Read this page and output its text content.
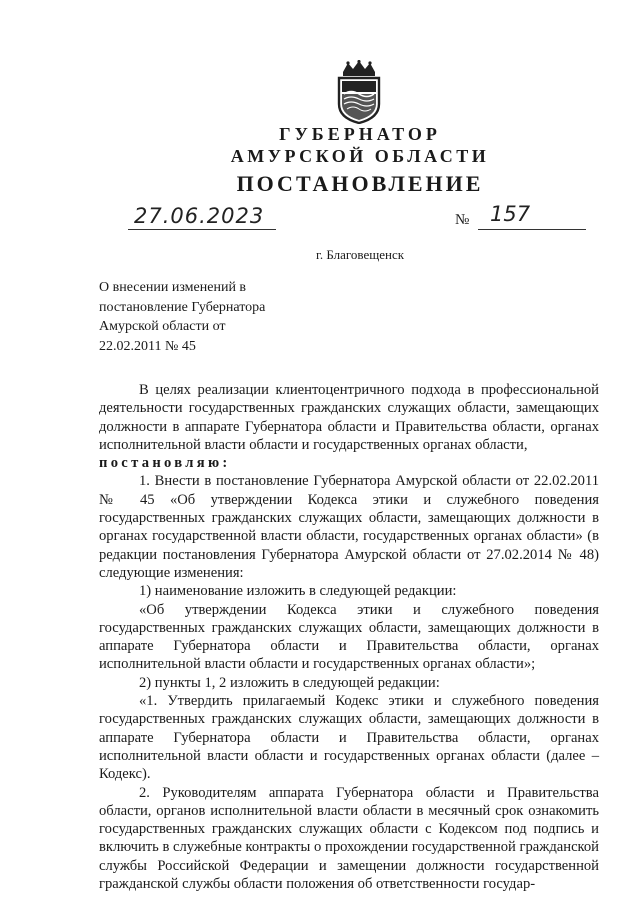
ГУБЕРНАТОР
АМУРСКОЙ ОБЛАСТИ
ПОСТАНОВЛЕНИЕ
27.06.2023	№ 157
г. Благовещенск
О внесении изменений в
постановление Губернатора
Амурской области от
22.02.2011 № 45

В целях реализации клиентоцентричного подхода в профессиональной деятельности государственных гражданских служащих области, замещающих должности в аппарате Губернатора области и Правительства области, органах исполнительной власти области и государственных органах области,

постановляю:

1. Внести в постановление Губернатора Амурской области от 22.02.2011 № 45 «Об утверждении Кодекса этики и служебного поведения государственных гражданских служащих области, замещающих должности в органах государственной власти области, государственных органах области» (в редакции постановления Губернатора Амурской области от 27.02.2014 № 48) следующие изменения:

1) наименование изложить в следующей редакции:

«Об утверждении Кодекса этики и служебного поведения государственных гражданских служащих области, замещающих должности в аппарате Губернатора области и Правительства области, органах исполнительной власти области и государственных органах области»;

2) пункты 1, 2 изложить в следующей редакции:

«1. Утвердить прилагаемый Кодекс этики и служебного поведения государственных гражданских служащих области, замещающих должности в аппарате Губернатора области и Правительства области, органах исполнительной власти области и государственных органах области (далее – Кодекс).

2. Руководителям аппарата Губернатора области и Правительства области, органов исполнительной власти области в месячный срок ознакомить государственных гражданских служащих области с Кодексом под подпись и включить в служебные контракты о прохождении государственной гражданской службы Российской Федерации и замещении должности государственной гражданской службы области положения об ответственности государ-
